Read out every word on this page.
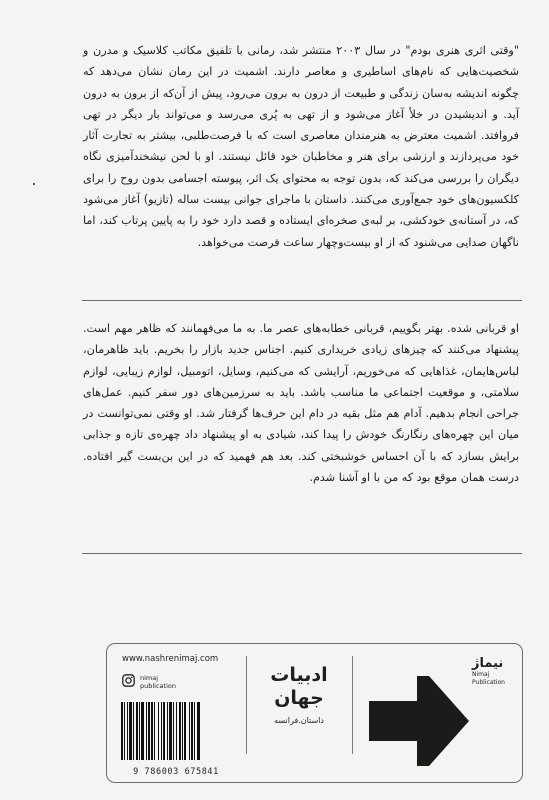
"وقتی اثری هنری بودم" در سال ۲۰۰۳ منتشر شد، رمانی با تلفیق مکاتب کلاسیک و مدرن و شخصیت‌هایی که نام‌های اساطیری و معاصر دارند. اشمیت در این رمان نشان می‌دهد که چگونه اندیشه به‌سان زندگی و طبیعت از درون به برون می‌رود، پیش از آن‌که از برون به درون آید. و اندیشیدن در خلأ آغاز می‌شود و از تهی به پُری می‌رسد و می‌تواند بار دیگر در تهی فروافتد. اشمیت معترض به هنرمندان معاصری است که با فرصت‌طلبی، بیشتر به تجارت آثار خود می‌پردازند و ارزشی برای هنر و مخاطبان خود قائل نیستند. او با لحن نیشخندآمیزی نگاه دیگران را بررسی می‌کند که، بدون توجه به محتوای یک اثر، پیوسته اجسامی بدون روح را برای کلکسیون‌های خود جمع‌آوری می‌کنند. داستان با ماجرای جوانی بیست ساله (تازیو) آغاز می‌شود که، در آستانه‌ی خودکشی، بر لبه‌ی صخره‌ای ایستاده و قصد دارد خود را به پایین پرتاب کند، اما ناگهان صدایی می‌شنود که از او بیست‌وچهار ساعت فرصت می‌خواهد.

او قربانی شده. بهتر بگوییم، قربانی خطابه‌های عصر ما. به ما می‌فهمانند که ظاهر مهم است. پیشنهاد می‌کنند که چیزهای زیادی خریداری کنیم. اجناس جدید بازار را بخریم. باید ظاهرمان، لباس‌هایمان، غذاهایی که می‌خوریم، آرایشی که می‌کنیم، وسایل، اتومبیل، لوازم زیبایی، لوازم سلامتی، و موقعیت اجتماعی ما مناسب باشد. باید به سرزمین‌های دور سفر کنیم. عمل‌های جراحی انجام بدهیم. آدام هم مثل بقیه در دام این حرف‌ها گرفتار شد. او وقتی نمی‌توانست در میان این چهره‌های رنگارنگ خودش را پیدا کند، شیادی به او پیشنهاد داد چهره‌ی تازه و جذابی برایش بسازد که با آن احساس خوشبختی کند. بعد هم فهمید که در این بن‌بست گیر افتاده. درست همان موقع بود که من با او آشنا شدم.

www.nashrenimaj.com
nimaj
publication
9 786003 675841
ادبیات
جهان
داستان.فرانسه
نیماژ
Nimaj
Publication
